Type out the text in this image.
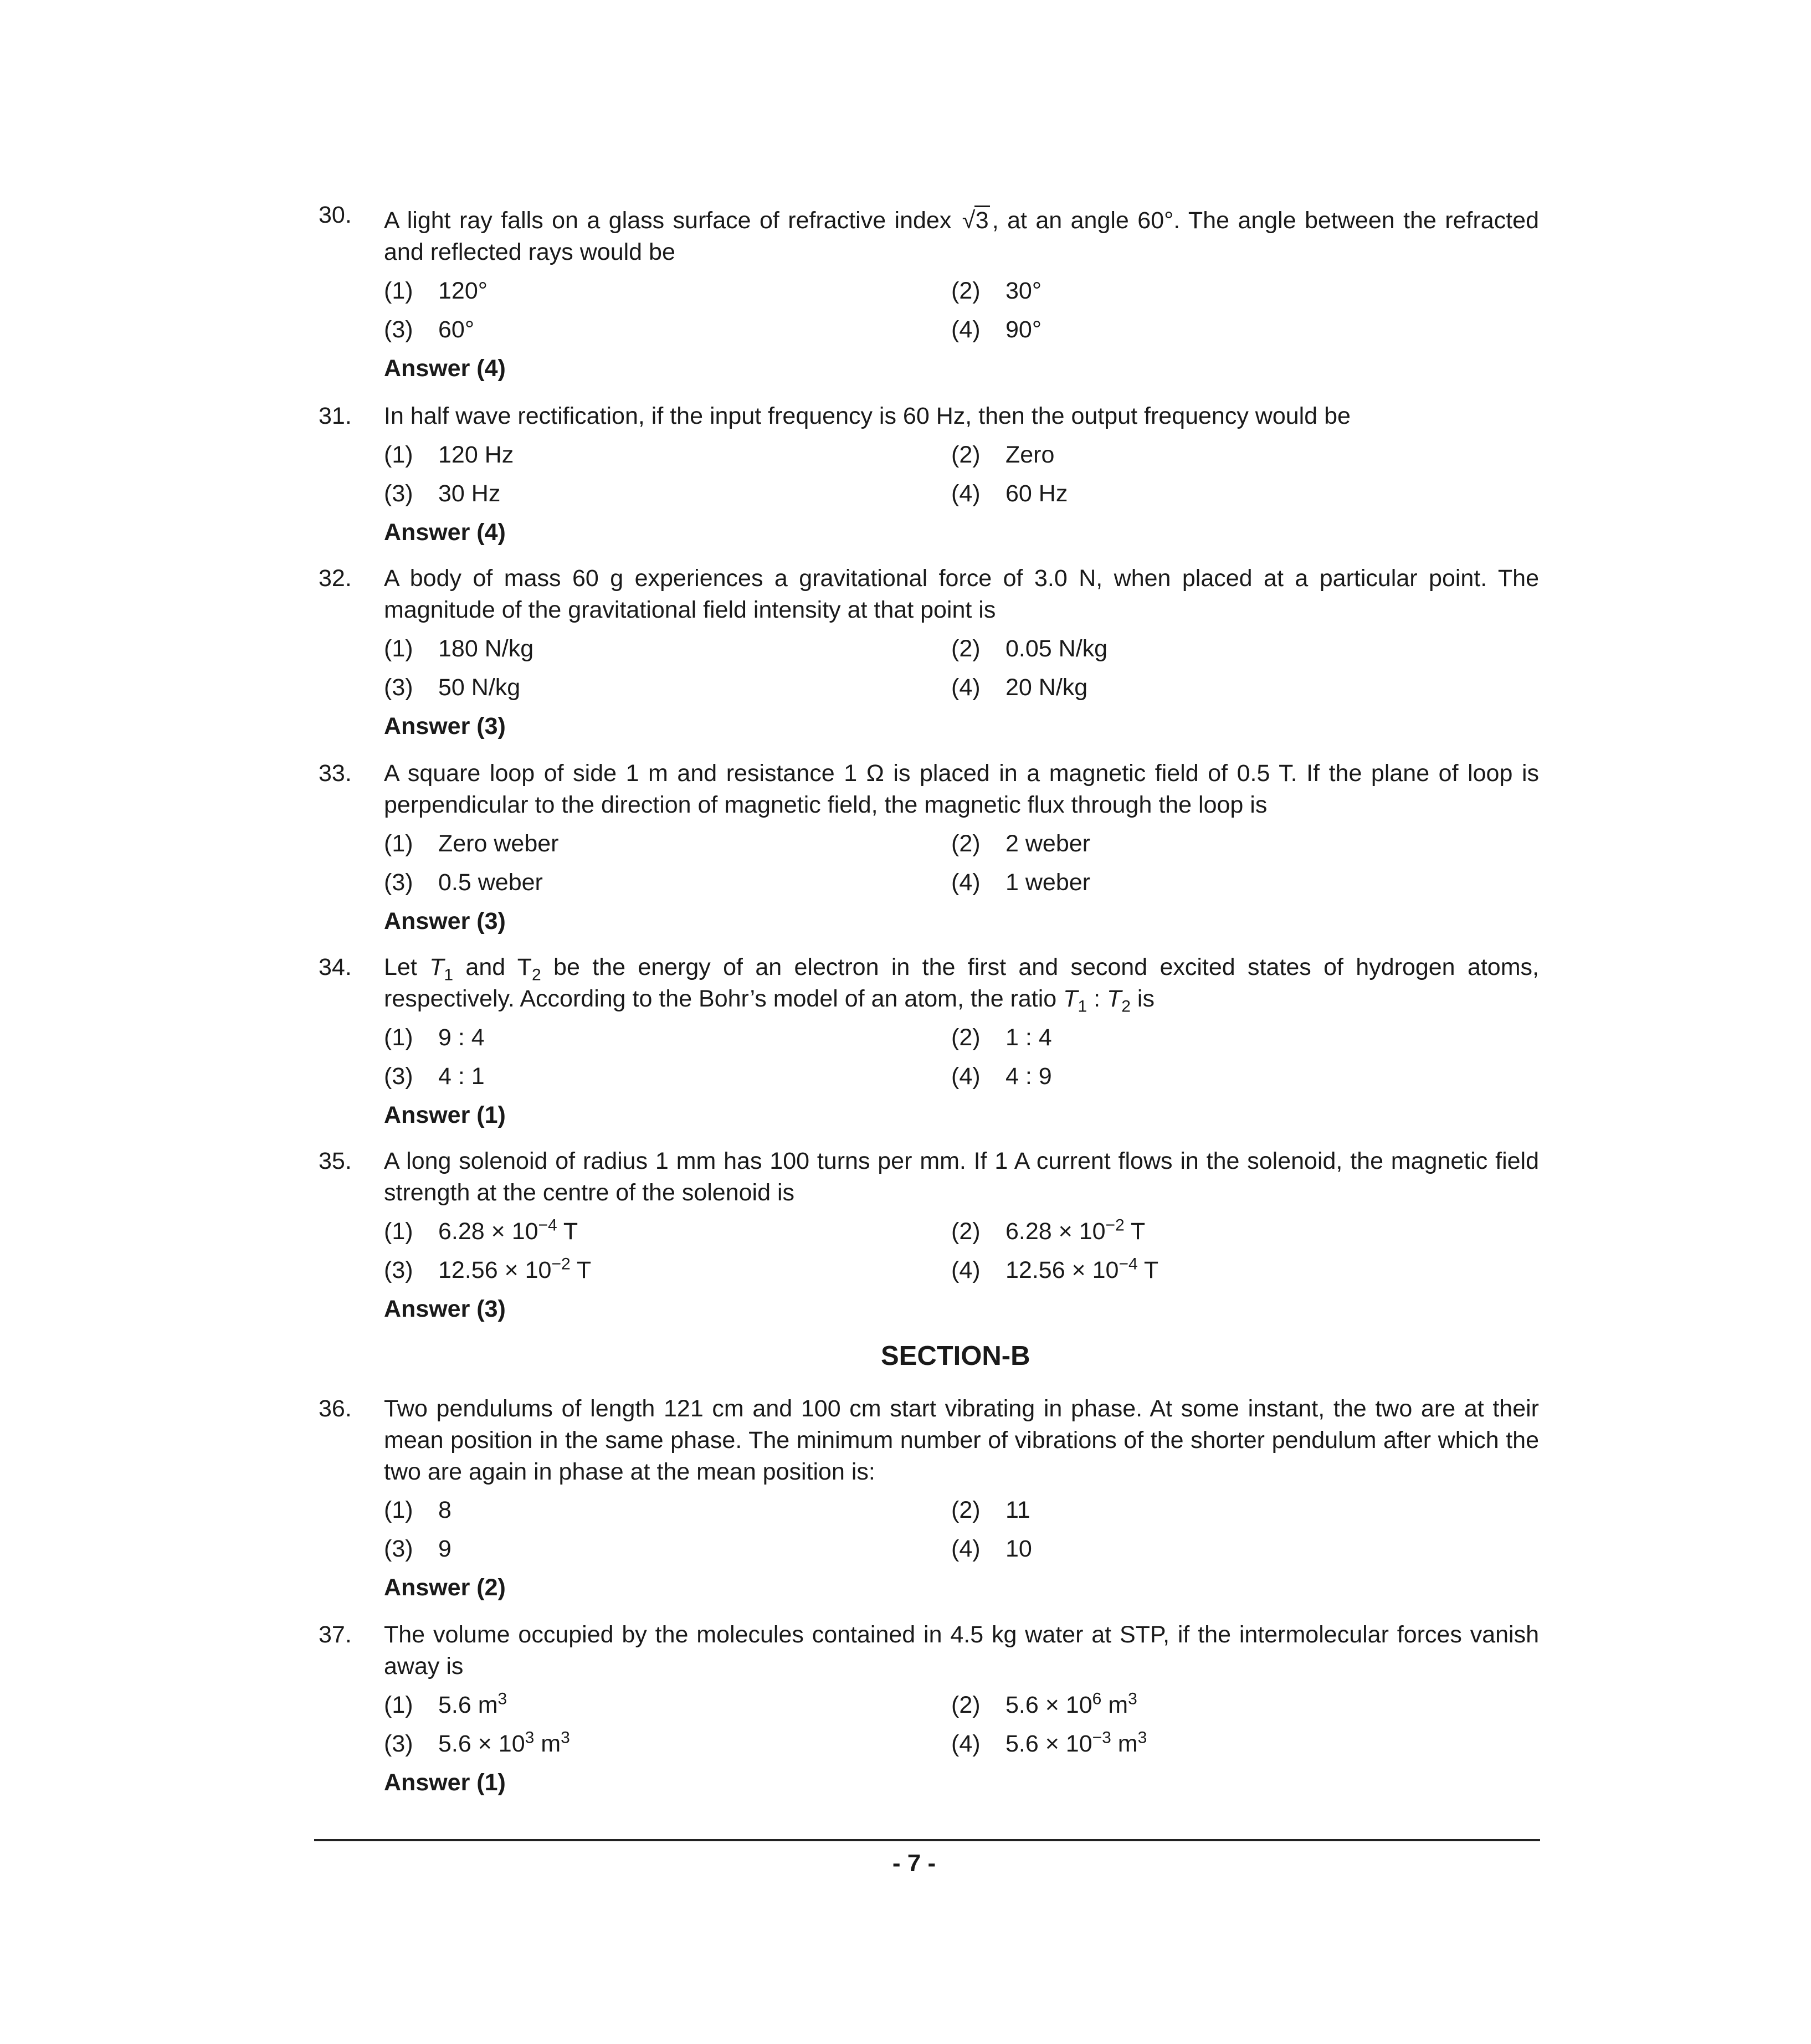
30. A light ray falls on a glass surface of refractive index √ 3 , at an angle 60°. The angle between the refracted
and reflected rays would be
(1) 120°	(2) 30°
(3) 60°	(4) 90°
Answer (4)
31. In half wave rectification, if the input frequency is 60 Hz, then the output frequency would be
(1) 120 Hz	(2) Zero
(3) 30 Hz	(4) 60 Hz
Answer (4)
32. A body of mass 60 g experiences a gravitational force of 3.0 N, when placed at a particular point. The
magnitude of the gravitational field intensity at that point is
(1) 180 N/kg	(2) 0.05 N/kg
(3) 50 N/kg	(4) 20 N/kg
Answer (3)
33. A square loop of side 1 m and resistance 1 Ω is placed in a magnetic field of 0.5 T. If the plane of loop is
perpendicular to the direction of magnetic field, the magnetic flux through the loop is
(1) Zero weber	(2) 2 weber
(3) 0.5 weber	(4) 1 weber
Answer (3)
34. Let $T_1$ and $T_2$ be the energy of an electron in the first and second excited states of hydrogen atoms,
respectively. According to the Bohr’s model of an atom, the ratio $T_1$ : $T_2$ is
(1) 9 : 4	(2) 1 : 4
(3) 4 : 1	(4) 4 : 9
Answer (1)
35. A long solenoid of radius 1 mm has 100 turns per mm. If 1 A current flows in the solenoid, the magnetic field
strength at the centre of the solenoid is
(1) $6.28 \times 10^{-4}$ T	(2) $6.28 \times 10^{-2}$ T
(3) $12.56 \times 10^{-2}$ T	(4) $12.56 \times 10^{-4}$ T
Answer (3)
SECTION-B
36. Two pendulums of length 121 cm and 100 cm start vibrating in phase. At some instant, the two are at their
mean position in the same phase. The minimum number of vibrations of the shorter pendulum after which the
two are again in phase at the mean position is:
(1) 8	(2) 11
(3) 9	(4) 10
Answer (2)
37. The volume occupied by the molecules contained in 4.5 kg water at STP, if the intermolecular forces vanish
away is
(1) 5.6 $m^3$	(2) $5.6 \times 10^6$ $m^3$
(3) $5.6 \times 10^3$ $m^3$	(4) $5.6 \times 10^{-3}$ $m^3$
Answer (1)
- 7 -
